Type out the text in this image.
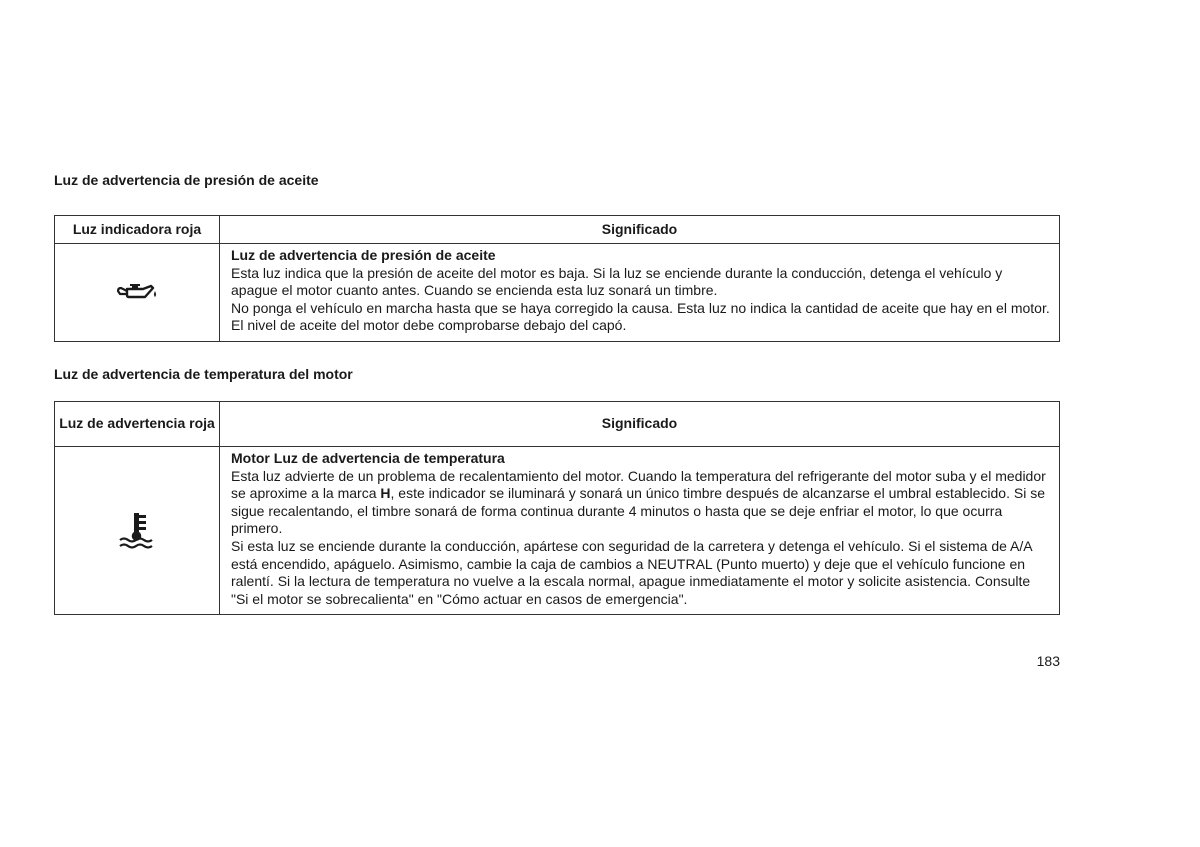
Luz de advertencia de presión de aceite
Luz indicadora roja	Significado

Luz de advertencia de presión de aceite
Esta luz indica que la presión de aceite del motor es baja. Si la luz se enciende durante la conducción, detenga el vehículo y apague el motor cuanto antes. Cuando se encienda esta luz sonará un timbre.
No ponga el vehículo en marcha hasta que se haya corregido la causa. Esta luz no indica la cantidad de aceite que hay en el motor. El nivel de aceite del motor debe comprobarse debajo del capó.
Luz de advertencia de temperatura del motor
Luz de advertencia roja	Significado

Motor Luz de advertencia de temperatura
Esta luz advierte de un problema de recalentamiento del motor. Cuando la temperatura del refrigerante del motor suba y el medidor se aproxime a la marca H, este indicador se iluminará y sonará un único timbre después de alcanzarse el umbral establecido. Si se sigue recalentando, el timbre sonará de forma continua durante 4 minutos o hasta que se deje enfriar el motor, lo que ocurra primero.
Si esta luz se enciende durante la conducción, apártese con seguridad de la carretera y detenga el vehículo. Si el sistema de A/A está encendido, apáguelo. Asimismo, cambie la caja de cambios a NEUTRAL (Punto muerto) y deje que el vehículo funcione en ralentí. Si la lectura de temperatura no vuelve a la escala normal, apague inmediatamente el motor y solicite asistencia. Consulte "Si el motor se sobrecalienta" en "Cómo actuar en casos de emergencia".

183
